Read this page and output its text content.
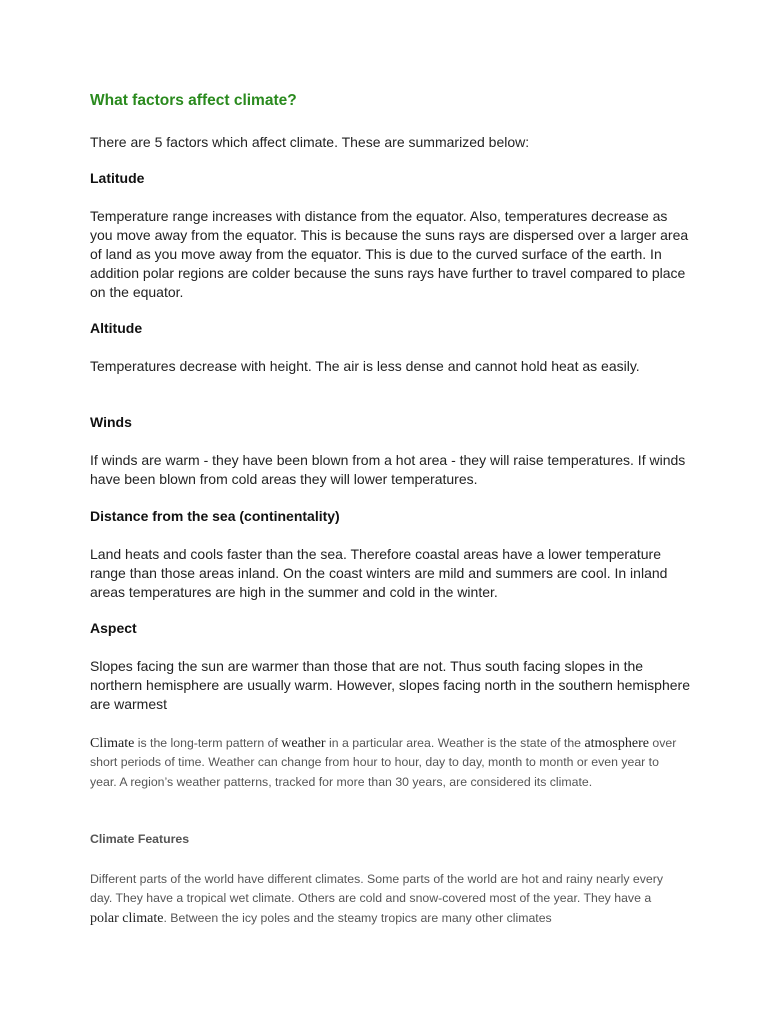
What factors affect climate?
There are 5 factors which affect climate. These are summarized below:
Latitude
Temperature range increases with distance from the equator. Also, temperatures decrease as you move away from the equator. This is because the suns rays are dispersed over a larger area of land as you move away from the equator. This is due to the curved surface of the earth. In addition polar regions are colder because the suns rays have further to travel compared to place on the equator.
Altitude
Temperatures decrease with height. The air is less dense and cannot hold heat as easily.
Winds
If winds are warm - they have been blown from a hot area - they will raise temperatures. If winds have been blown from cold areas they will lower temperatures.
Distance from the sea (continentality)
Land heats and cools faster than the sea. Therefore coastal areas have a lower temperature range than those areas inland. On the coast winters are mild and summers are cool. In inland areas temperatures are high in the summer and cold in the winter.
Aspect
Slopes facing the sun are warmer than those that are not. Thus south facing slopes in the northern hemisphere are usually warm. However, slopes facing north in the southern hemisphere are warmest
Climate is the long-term pattern of weather in a particular area. Weather is the state of the atmosphere over short periods of time. Weather can change from hour to hour, day to day, month to month or even year to year. A region’s weather patterns, tracked for more than 30 years, are considered its climate.
Climate Features
Different parts of the world have different climates. Some parts of the world are hot and rainy nearly every day. They have a tropical wet climate. Others are cold and snow-covered most of the year. They have a polar climate. Between the icy poles and the steamy tropics are many other climates
